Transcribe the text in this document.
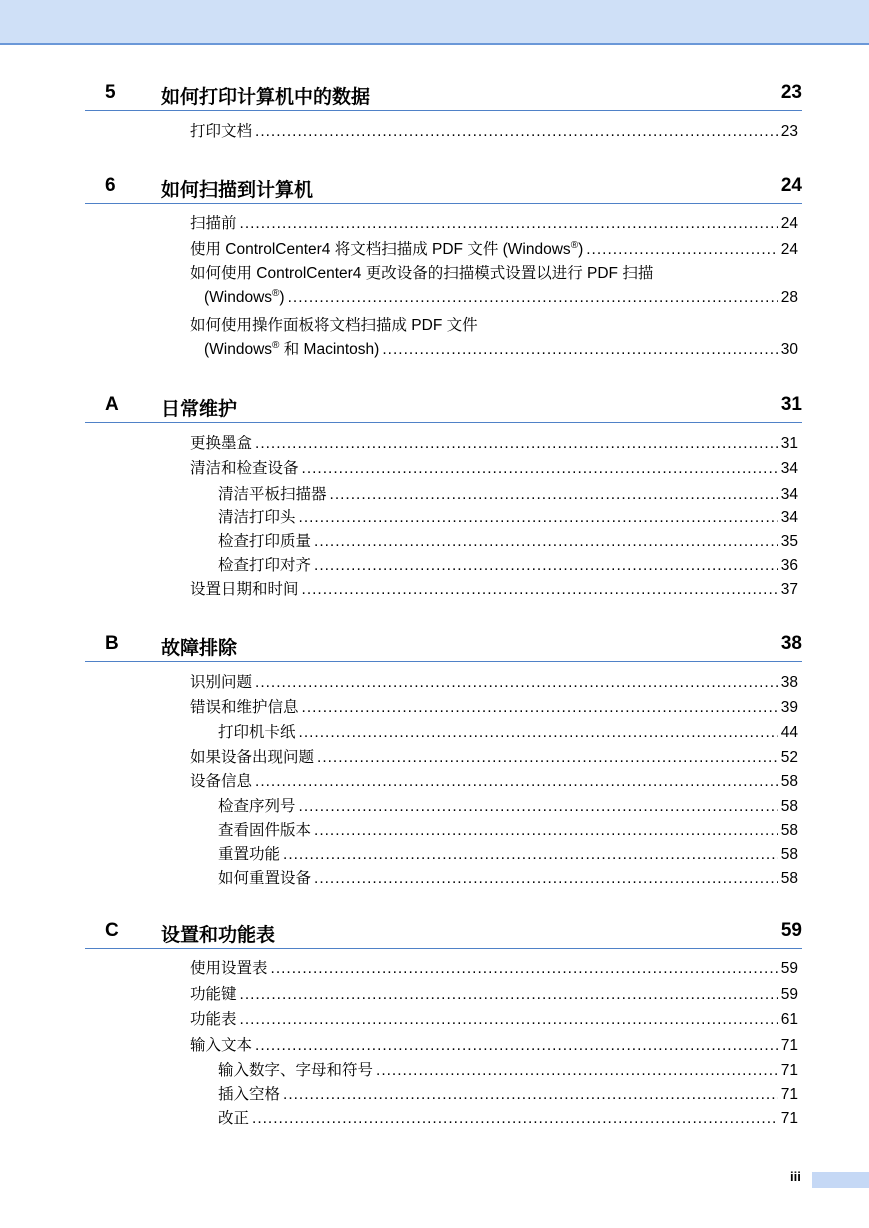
5 如何打印计算机中的数据	23
打印文档 .....	23
6 如何扫描到计算机	24
扫描前 .....	24
使用 ControlCenter4 将文档扫描成 PDF 文件 (Windows®) .....	24
如何使用 ControlCenter4 更改设备的扫描模式设置以进行 PDF 扫描
(Windows®) .....	28
如何使用操作面板将文档扫描成 PDF 文件
(Windows® 和 Macintosh) .....	30
A 日常维护	31
更换墨盒 .....	31
清洁和检查设备 .....	34
清洁平板扫描器 .....	34
清洁打印头 .....	34
检查打印质量 .....	35
检查打印对齐 .....	36
设置日期和时间 .....	37
B 故障排除	38
识别问题 .....	38
错误和维护信息 .....	39
打印机卡纸 .....	44
如果设备出现问题 .....	52
设备信息 .....	58
检查序列号 .....	58
查看固件版本 .....	58
重置功能 .....	58
如何重置设备 .....	58
C 设置和功能表	59
使用设置表 .....	59
功能键 .....	59
功能表 .....	61
输入文本 .....	71
输入数字、字母和符号 .....	71
插入空格 .....	71
改正 .....	71
iii
